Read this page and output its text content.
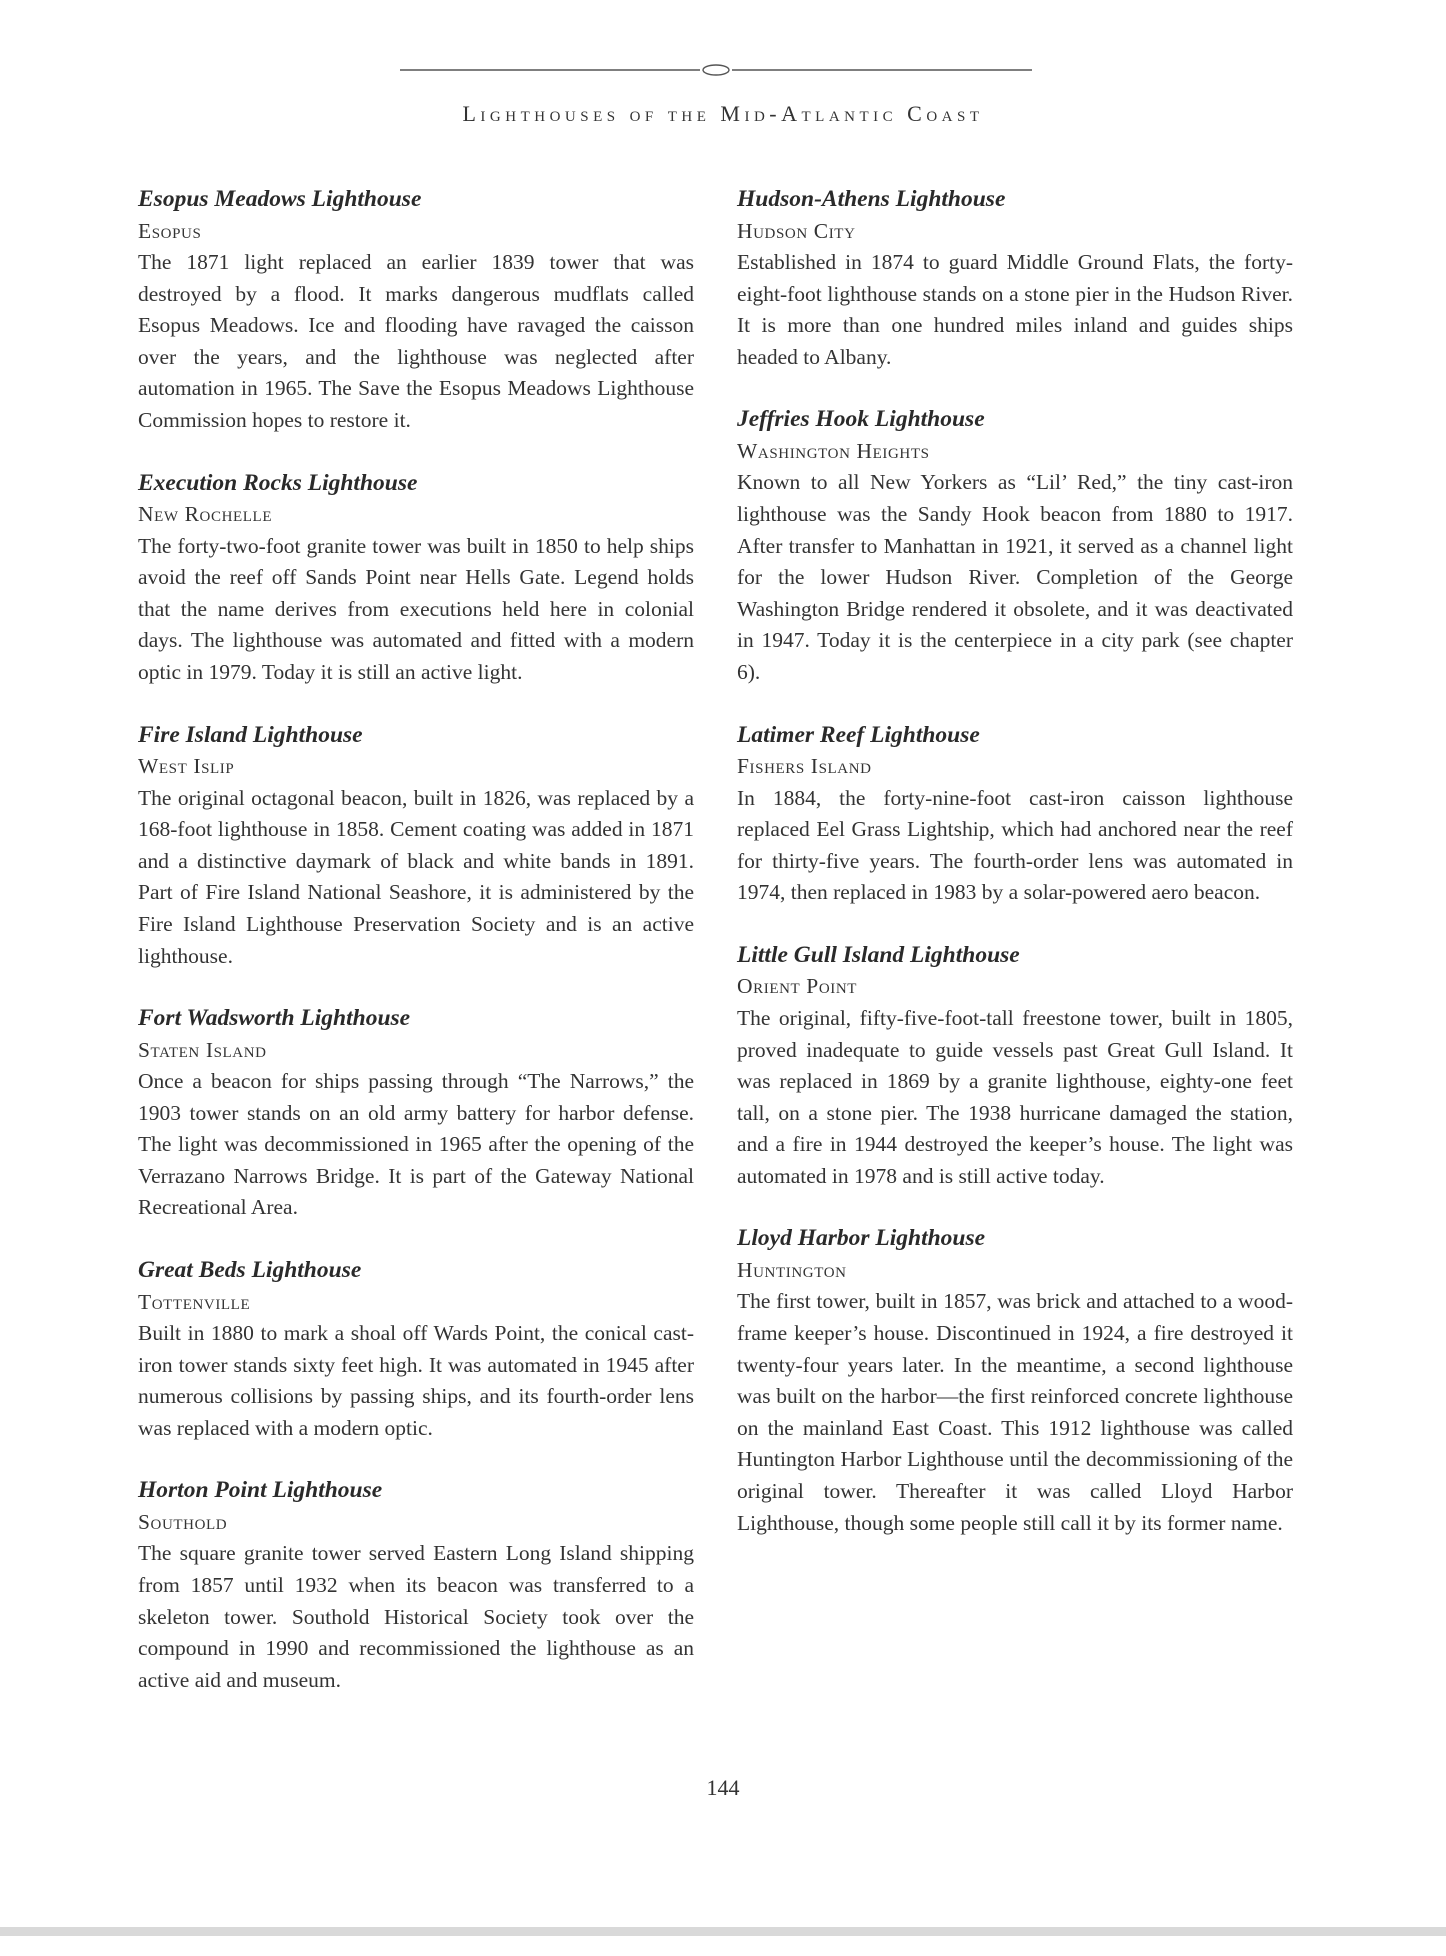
Lighthouses of the Mid-Atlantic Coast

Esopus Meadows Lighthouse

Esopus

The 1871 light replaced an earlier 1839 tower that was destroyed by a flood. It marks dangerous mudflats called Esopus Meadows. Ice and flooding have ravaged the caisson over the years, and the lighthouse was neglected after automation in 1965. The Save the Esopus Meadows Lighthouse Commission hopes to restore it.

Execution Rocks Lighthouse

New Rochelle

The forty-two-foot granite tower was built in 1850 to help ships avoid the reef off Sands Point near Hells Gate. Legend holds that the name derives from executions held here in colonial days. The lighthouse was automated and fitted with a modern optic in 1979. Today it is still an active light.

Fire Island Lighthouse

West Islip

The original octagonal beacon, built in 1826, was replaced by a 168-foot lighthouse in 1858. Cement coating was added in 1871 and a distinctive daymark of black and white bands in 1891. Part of Fire Island National Seashore, it is administered by the Fire Island Lighthouse Preservation Society and is an active lighthouse.

Fort Wadsworth Lighthouse

Staten Island

Once a beacon for ships passing through “The Narrows,” the 1903 tower stands on an old army battery for harbor defense. The light was decommissioned in 1965 after the opening of the Verrazano Narrows Bridge. It is part of the Gateway National Recreational Area.

Great Beds Lighthouse

Tottenville

Built in 1880 to mark a shoal off Wards Point, the conical cast-iron tower stands sixty feet high. It was automated in 1945 after numerous collisions by passing ships, and its fourth-order lens was replaced with a modern optic.

Horton Point Lighthouse

Southold

The square granite tower served Eastern Long Island shipping from 1857 until 1932 when its beacon was transferred to a skeleton tower. Southold Historical Society took over the compound in 1990 and recommissioned the lighthouse as an active aid and museum.

Hudson-Athens Lighthouse

Hudson City

Established in 1874 to guard Middle Ground Flats, the forty-eight-foot lighthouse stands on a stone pier in the Hudson River. It is more than one hundred miles inland and guides ships headed to Albany.

Jeffries Hook Lighthouse

Washington Heights

Known to all New Yorkers as “Lil’ Red,” the tiny cast-iron lighthouse was the Sandy Hook beacon from 1880 to 1917. After transfer to Manhattan in 1921, it served as a channel light for the lower Hudson River. Completion of the George Washington Bridge rendered it obsolete, and it was deactivated in 1947. Today it is the centerpiece in a city park (see chapter 6).

Latimer Reef Lighthouse

Fishers Island

In 1884, the forty-nine-foot cast-iron caisson lighthouse replaced Eel Grass Lightship, which had anchored near the reef for thirty-five years. The fourth-order lens was automated in 1974, then replaced in 1983 by a solar-powered aero beacon.

Little Gull Island Lighthouse

Orient Point

The original, fifty-five-foot-tall freestone tower, built in 1805, proved inadequate to guide vessels past Great Gull Island. It was replaced in 1869 by a granite lighthouse, eighty-one feet tall, on a stone pier. The 1938 hurricane damaged the station, and a fire in 1944 destroyed the keeper’s house. The light was automated in 1978 and is still active today.

Lloyd Harbor Lighthouse

Huntington

The first tower, built in 1857, was brick and attached to a wood-frame keeper’s house. Discontinued in 1924, a fire destroyed it twenty-four years later. In the meantime, a second lighthouse was built on the harbor—the first reinforced concrete lighthouse on the mainland East Coast. This 1912 lighthouse was called Huntington Harbor Lighthouse until the decommissioning of the original tower. Thereafter it was called Lloyd Harbor Lighthouse, though some people still call it by its former name.

144
